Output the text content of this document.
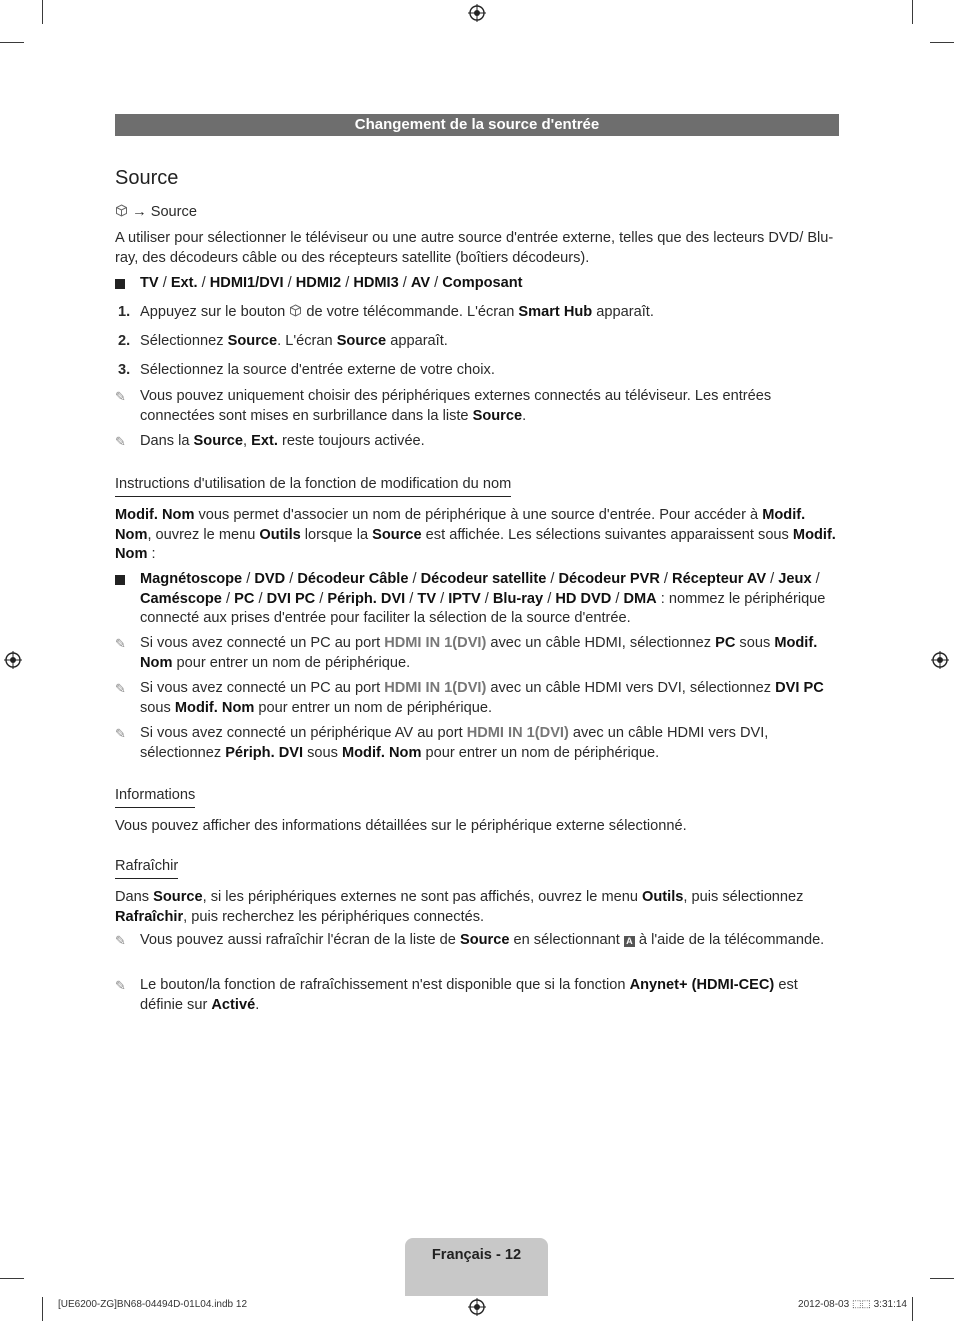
Changement de la source d'entrée
Source
→ Source
A utiliser pour sélectionner le téléviseur ou une autre source d'entrée externe, telles que des lecteurs DVD/ Blu-ray, des décodeurs câble ou des récepteurs satellite (boîtiers décodeurs).
TV / Ext. / HDMI1/DVI / HDMI2 / HDMI3 / AV / Composant
1. Appuyez sur le bouton  de votre télécommande. L'écran Smart Hub apparaît.
2. Sélectionnez Source. L'écran Source apparaît.
3. Sélectionnez la source d'entrée externe de votre choix.
✎ Vous pouvez uniquement choisir des périphériques externes connectés au téléviseur. Les entrées connectées sont mises en surbrillance dans la liste Source.
✎ Dans la Source, Ext. reste toujours activée.
Instructions d'utilisation de la fonction de modification du nom
Modif. Nom vous permet d'associer un nom de périphérique à une source d'entrée. Pour accéder à Modif. Nom, ouvrez le menu Outils lorsque la Source est affichée. Les sélections suivantes apparaissent sous Modif. Nom :
Magnétoscope / DVD / Décodeur Câble / Décodeur satellite / Décodeur PVR / Récepteur AV / Jeux / Caméscope / PC / DVI PC / Périph. DVI / TV / IPTV / Blu-ray / HD DVD / DMA : nommez le périphérique connecté aux prises d'entrée pour faciliter la sélection de la source d'entrée.
✎ Si vous avez connecté un PC au port HDMI IN 1(DVI) avec un câble HDMI, sélectionnez PC sous Modif. Nom pour entrer un nom de périphérique.
✎ Si vous avez connecté un PC au port HDMI IN 1(DVI) avec un câble HDMI vers DVI, sélectionnez DVI PC sous Modif. Nom pour entrer un nom de périphérique.
✎ Si vous avez connecté un périphérique AV au port HDMI IN 1(DVI) avec un câble HDMI vers DVI, sélectionnez Périph. DVI sous Modif. Nom pour entrer un nom de périphérique.
Informations
Vous pouvez afficher des informations détaillées sur le périphérique externe sélectionné.
Rafraîchir
Dans Source, si les périphériques externes ne sont pas affichés, ouvrez le menu Outils, puis sélectionnez Rafraîchir, puis recherchez les périphériques connectés.
✎ Vous pouvez aussi rafraîchir l'écran de la liste de Source en sélectionnant A à l'aide de la télécommande.
✎ Le bouton/la fonction de rafraîchissement n'est disponible que si la fonction Anynet+ (HDMI-CEC) est définie sur Activé.
Français - 12
[UE6200-ZG]BN68-04494D-01L04.indb 12	2012-08-03 ⬚⬚ 3:31:14
